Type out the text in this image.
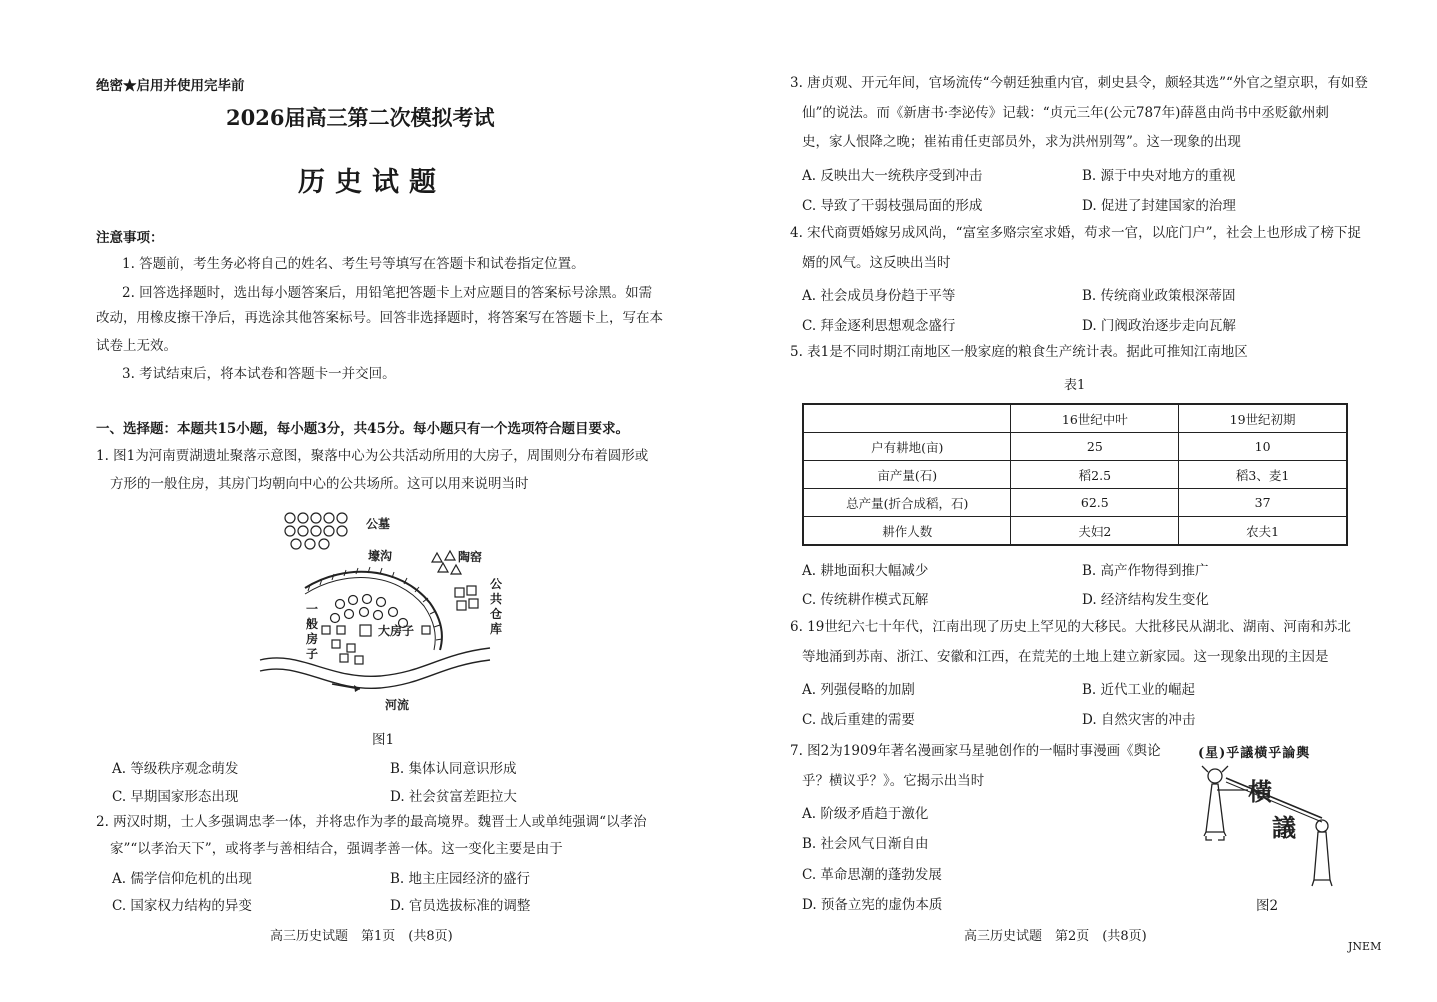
绝密★启用并使用完毕前
2026届高三第二次模拟考试
历史试题
注意事项：
1. 答题前，考生务必将自己的姓名、考生号等填写在答题卡和试卷指定位置。
2. 回答选择题时，选出每小题答案后，用铅笔把答题卡上对应题目的答案标号涂黑。如需
改动，用橡皮擦干净后，再选涂其他答案标号。回答非选择题时，将答案写在答题卡上，写在本
试卷上无效。
3. 考试结束后，将本试卷和答题卡一并交回。
一、选择题：本题共15小题，每小题3分，共45分。每小题只有一个选项符合题目要求。
1. 图1为河南贾湖遗址聚落示意图，聚落中心为公共活动所用的大房子，周围则分布着圆形或
方形的一般住房，其房门均朝向中心的公共场所。这可以用来说明当时
公墓
壕沟	陶窑
大房子
河流
公共仓库
一般房子
图1
A. 等级秩序观念萌发	B. 集体认同意识形成
C. 早期国家形态出现	D. 社会贫富差距拉大
2. 两汉时期，士人多强调忠孝一体，并将忠作为孝的最高境界。魏晋士人或单纯强调“以孝治
家”“以孝治天下”，或将孝与善相结合，强调孝善一体。这一变化主要是由于
A. 儒学信仰危机的出现	B. 地主庄园经济的盛行
C. 国家权力结构的异变	D. 官员选拔标准的调整
高三历史试题　第1页　(共8页)
3. 唐贞观、开元年间，官场流传“今朝廷独重内官，刺史县令，颇轻其选”“外官之望京职，有如登
仙”的说法。而《新唐书·李泌传》记载：“贞元三年(公元787年)薛邕由尚书中丞贬歙州刺
史，家人恨降之晚；崔祐甫任吏部员外，求为洪州别驾”。这一现象的出现
A. 反映出大一统秩序受到冲击	B. 源于中央对地方的重视
C. 导致了干弱枝强局面的形成	D. 促进了封建国家的治理
4. 宋代商贾婚嫁另成风尚，“富室多赂宗室求婚，苟求一官，以庇门户”，社会上也形成了榜下捉
婿的风气。这反映出当时
A. 社会成员身份趋于平等	B. 传统商业政策根深蒂固
C. 拜金逐利思想观念盛行	D. 门阀政治逐步走向瓦解
5. 表1是不同时期江南地区一般家庭的粮食生产统计表。据此可推知江南地区
表1
	16世纪中叶	19世纪初期
户有耕地(亩)	25	10
亩产量(石)	稻2.5	稻3、麦1
总产量(折合成稻，石)	62.5	37
耕作人数	夫妇2	农夫1
A. 耕地面积大幅减少	B. 高产作物得到推广
C. 传统耕作模式瓦解	D. 经济结构发生变化
6. 19世纪六七十年代，江南出现了历史上罕见的大移民。大批移民从湖北、湖南、河南和苏北
等地涌到苏南、浙江、安徽和江西，在荒芜的土地上建立新家园。这一现象出现的主因是
A. 列强侵略的加剧	B. 近代工业的崛起
C. 战后重建的需要	D. 自然灾害的冲击
7. 图2为1909年著名漫画家马星驰创作的一幅时事漫画《舆论
乎？横议乎？》。它揭示出当时
A. 阶级矛盾趋于激化
B. 社会风气日渐自由
C. 革命思潮的蓬勃发展
D. 预备立宪的虚伪本质
(星)乎議橫乎論輿
橫
議
图2
高三历史试题　第2页　(共8页)
JNEM
